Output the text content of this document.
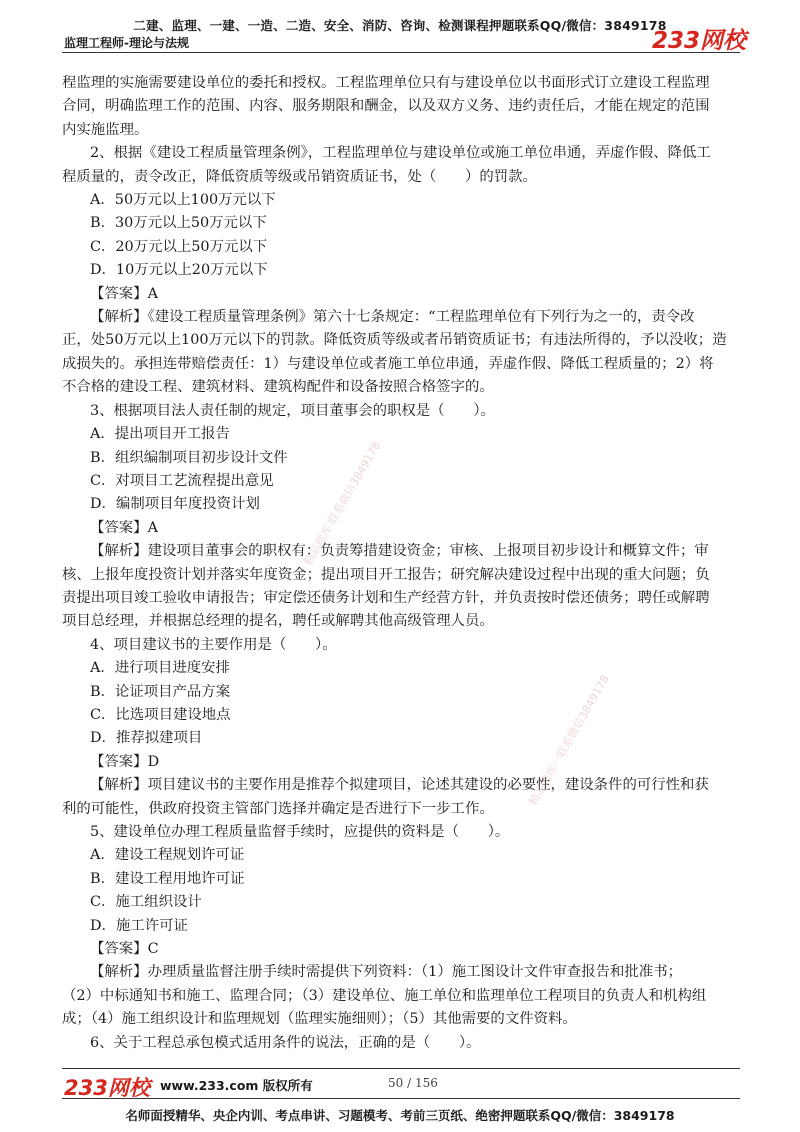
二建、监理、一建、一造、二造、安全、消防、咨询、检测课程押题联系QQ/微信：3849178
监理工程师-理论与法规	233网校
程监理的实施需要建设单位的委托和授权。工程监理单位只有与建设单位以书面形式订立建设工程监理
合同，明确监理工作的范围、内容、服务期限和酬金，以及双方义务、违约责任后，才能在规定的范围
内实施监理。
2、根据《建设工程质量管理条例》，工程监理单位与建设单位或施工单位串通，弄虚作假、降低工
程质量的，责令改正，降低资质等级或吊销资质证书，处（　　）的罚款。
A．50万元以上100万元以下
B．30万元以上50万元以下
C．20万元以上50万元以下
D．10万元以上20万元以下
【答案】A
【解析】《建设工程质量管理条例》第六十七条规定：“工程监理单位有下列行为之一的，责令改
正，处50万元以上100万元以下的罚款。降低资质等级或者吊销资质证书；有违法所得的，予以没收；造
成损失的。承担连带赔偿责任：1）与建设单位或者施工单位串通，弄虚作假、降低工程质量的；2）将
不合格的建设工程、建筑材料、建筑构配件和设备按照合格签字的。
3、根据项目法人责任制的规定，项目董事会的职权是（　　）。
A．提出项目开工报告
B．组织编制项目初步设计文件
C．对项目工艺流程提出意见
D．编制项目年度投资计划
【答案】A
【解析】建设项目董事会的职权有：负责筹措建设资金；审核、上报项目初步设计和概算文件；审
核、上报年度投资计划并落实年度资金；提出项目开工报告；研究解决建设过程中出现的重大问题；负
责提出项目竣工验收申请报告；审定偿还债务计划和生产经营方针，并负责按时偿还债务；聘任或解聘
项目总经理，并根据总经理的提名，聘任或解聘其他高级管理人员。
4、项目建议书的主要作用是（　　）。
A．进行项目进度安排
B．论证项目产品方案
C．比选项目建设地点
D．推荐拟建项目
【答案】D
【解析】项目建议书的主要作用是推荐个拟建项目，论述其建设的必要性，建设条件的可行性和获
利的可能性，供政府投资主管部门选择并确定是否进行下一步工作。
5、建设单位办理工程质量监督手续时，应提供的资料是（　　）。
A．建设工程规划许可证
B．建设工程用地许可证
C．施工组织设计
D．施工许可证
【答案】C
【解析】办理质量监督注册手续时需提供下列资料：（1）施工图设计文件审查报告和批准书；
（2）中标通知书和施工、监理合同；（3）建设单位、施工单位和监理单位工程项目的负责人和机构组
成；（4）施工组织设计和监理规划（监理实施细则）；（5）其他需要的文件资料。
6、关于工程总承包模式适用条件的说法，正确的是（　　）。
精品题库 联系微信3849178
精品题库一联系微信3849178
233网校 www.233.com 版权所有	50 / 156
名师面授精华、央企内训、考点串讲、习题模考、考前三页纸、绝密押题联系QQ/微信：3849178
